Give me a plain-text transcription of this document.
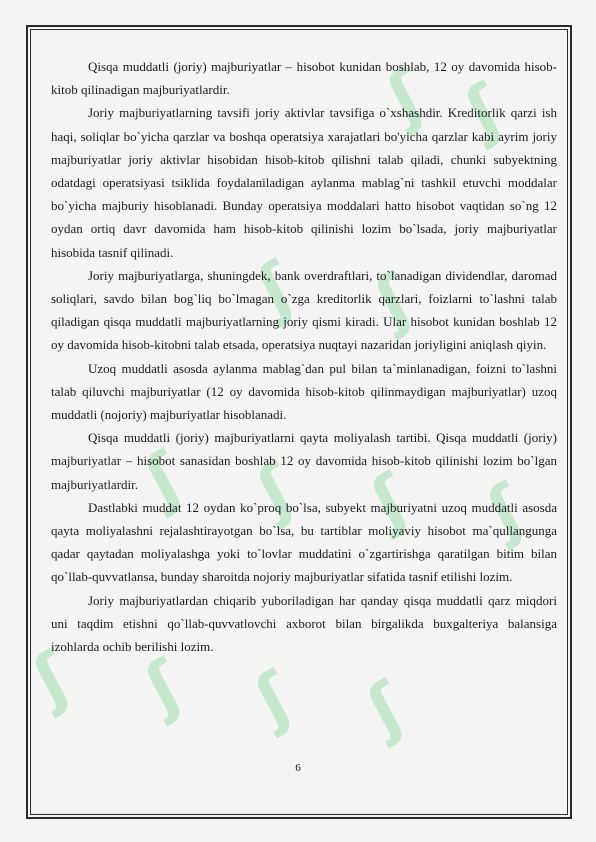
ʃ ʃ
ʃ ʃ
ʃ ʃ ʃ ʃ
ʃ ʃ ʃ ʃ

Qisqa muddatli (joriy) majburiyatlar – hisobot kunidan boshlab, 12 oy davomida hisob-kitob qilinadigan majburiyatlardir.

Joriy majburiyatlarning tavsifi joriy aktivlar tavsifiga o`xshashdir. Kreditorlik qarzi ish haqi, soliqlar bo`yicha qarzlar va boshqa operatsiya xarajatlari bo'yicha qarzlar kabi ayrim joriy majburiyatlar joriy aktivlar hisobidan hisob-kitob qilishni talab qiladi, chunki subyektning odatdagi operatsiyasi tsiklida foydalaniladigan aylanma mablag`ni tashkil etuvchi moddalar bo`yicha majburiy hisoblanadi. Bunday operatsiya moddalari hatto hisobot vaqtidan so`ng 12 oydan ortiq davr davomida ham hisob-kitob qilinishi lozim bo`lsada, joriy majburiyatlar hisobida tasnif qilinadi.

Joriy majburiyatlarga, shuningdek, bank overdraftlari, to`lanadigan dividendlar, daromad soliqlari, savdo bilan bog`liq bo`lmagan o`zga kreditorlik qarzlari, foizlarni to`lashni talab qiladigan qisqa muddatli majburiyatlarning joriy qismi kiradi. Ular hisobot kunidan boshlab 12 oy davomida hisob-kitobni talab etsada, operatsiya nuqtayi nazaridan joriyligini aniqlash qiyin.

Uzoq muddatli asosda aylanma mablag`dan pul bilan ta`minlanadigan, foizni to`lashni talab qiluvchi majburiyatlar (12 oy davomida hisob-kitob qilinmaydigan majburiyatlar) uzoq muddatli (nojoriy) majburiyatlar hisoblanadi.

Qisqa muddatli (joriy) majburiyatlarni qayta moliyalash tartibi. Qisqa muddatli (joriy) majburiyatlar – hisobot sanasidan boshlab 12 oy davomida hisob-kitob qilinishi lozim bo`lgan majburiyatlardir.

Dastlabki muddat 12 oydan ko`proq bo`lsa, subyekt majburiyatni uzoq muddatli asosda qayta moliyalashni rejalashtirayotgan bo`lsa, bu tartiblar moliyaviy hisobot ma`qullangunga qadar qaytadan moliyalashga yoki to`lovlar muddatini o`zgartirishga qaratilgan bitim bilan qo`llab-quvvatlansa, bunday sharoitda nojoriy majburiyatlar sifatida tasnif etilishi lozim.

Joriy majburiyatlardan chiqarib yuboriladigan har qanday qisqa muddatli qarz miqdori uni taqdim etishni qo`llab-quvvatlovchi axborot bilan birgalikda buxgalteriya balansiga izohlarda ochib berilishi lozim.

6
